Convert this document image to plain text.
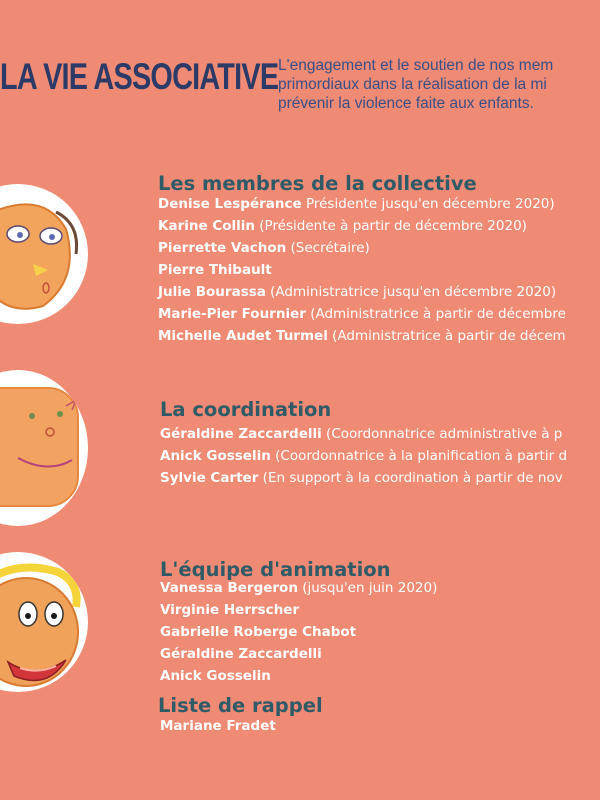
LA VIE ASSOCIATIVE L'engagement et le soutien de nos mem
primordiaux dans la réalisation de la mi
prévenir la violence faite aux enfants.
Les membres de la collective
Denise Lespérance Présidente jusqu'en décembre 2020)
Karine Collin (Présidente à partir de décembre 2020)
Pierrette Vachon (Secrétaire)
Pierre Thibault
Julie Bourassa (Administratrice jusqu'en décembre 2020)
Marie-Pier Fournier (Administratrice à partir de décembre
Michelle Audet Turmel (Administratrice à partir de décem
La coordination
Géraldine Zaccardelli (Coordonnatrice administrative à p
Anick Gosselin (Coordonnatrice à la planification à partir d
Sylvie Carter (En support à la coordination à partir de nov
L'équipe d'animation
Vanessa Bergeron (jusqu'en juin 2020)
Virginie Herrscher
Gabrielle Roberge Chabot
Géraldine Zaccardelli
Anick Gosselin
Liste de rappel
Mariane Fradet
